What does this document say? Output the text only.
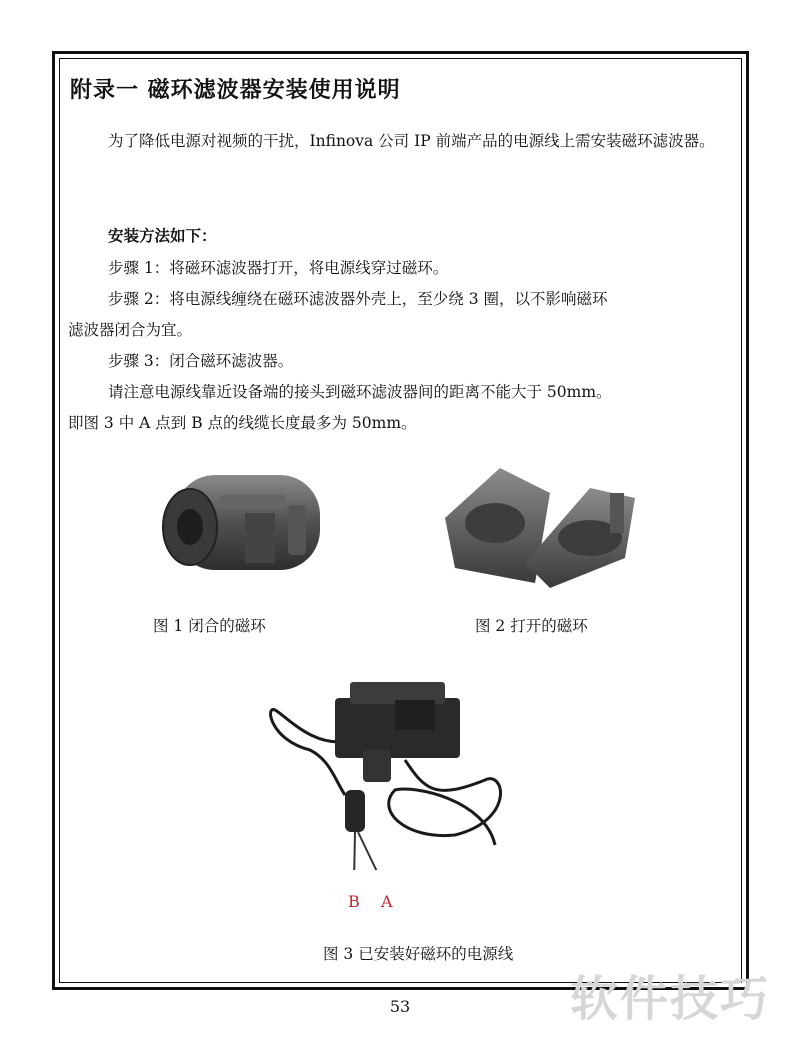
附录一 磁环滤波器安装使用说明
为了降低电源对视频的干扰，Infinova 公司 IP 前端产品的电源线上需安装磁环滤波器。
安装方法如下：
步骤 1：将磁环滤波器打开，将电源线穿过磁环。
步骤 2：将电源线缠绕在磁环滤波器外壳上，至少绕 3 圈，以不影响磁环
滤波器闭合为宜。
步骤 3：闭合磁环滤波器。
请注意电源线靠近设备端的接头到磁环滤波器间的距离不能大于 50mm。
即图 3 中 A 点到 B 点的线缆长度最多为 50mm。
图 1 闭合的磁环	图 2 打开的磁环
B A
图 3 已安装好磁环的电源线
53	软件技巧
